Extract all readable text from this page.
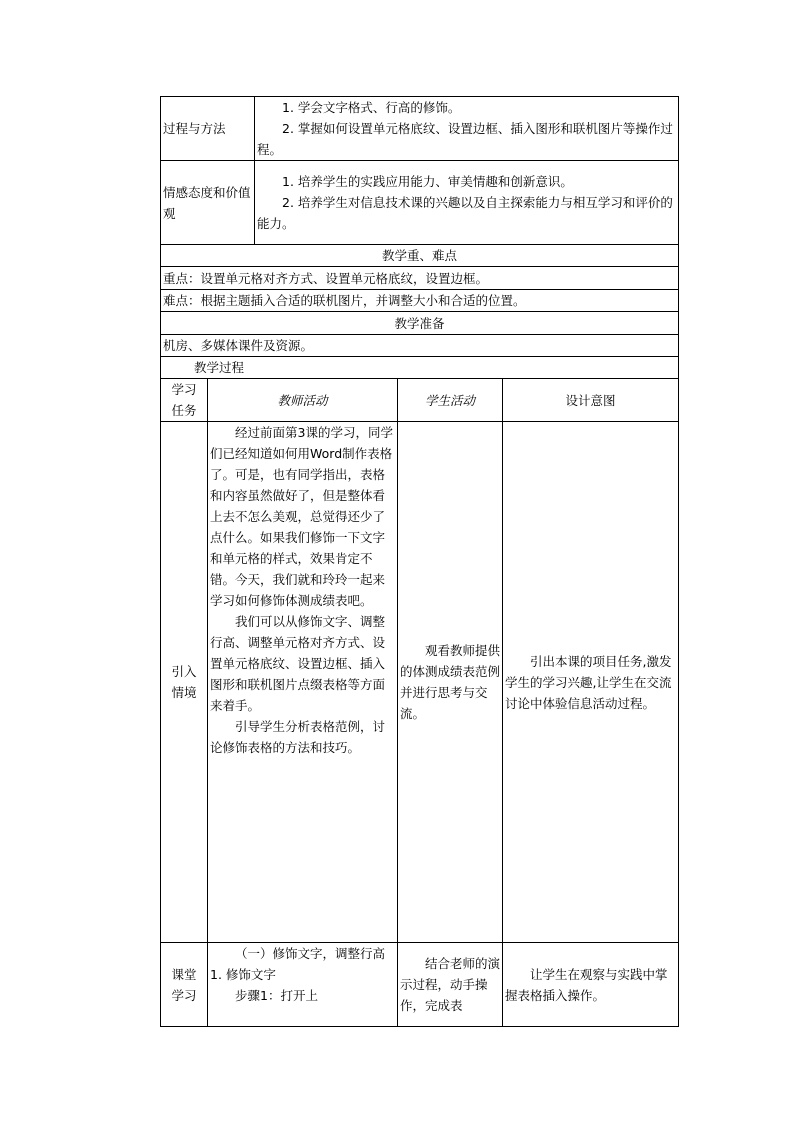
过程与方法		1. 学会文字格式、行高的修饰。

2. 掌握如何设置单元格底纹、设置边框、插入图形和联机图片等操作过程。		

情感态度和价值观		1. 培养学生的实践应用能力、审美情趣和创新意识。

2. 培养学生对信息技术课的兴趣以及自主探索能力与相互学习和评价的能力。		

教学重、难点				
重点：设置单元格对齐方式、设置单元格底纹，设置边框。				
难点：根据主题插入合适的联机图片，并调整大小和合适的位置。				
教学准备				
机房、多媒体课件及资源。				
教学过程				
学习任务	教师活动		学生活动	设计意图
引入情境	经过前面第3课的学习，同学们已经知道如何用Word制作表格了。可是，也有同学指出，表格和内容虽然做好了，但是整体看上去不怎么美观，总觉得还少了点什么。如果我们修饰一下文字和单元格的样式，效果肯定不错。今天，我们就和玲玲一起来学习如何修饰体测成绩表吧。

我们可以从修饰文字、调整行高、调整单元格对齐方式、设置单元格底纹、设置边框、插入图形和联机图片点缀表格等方面来着手。

引导学生分析表格范例，讨论修饰表格的方法和技巧。		观看教师提供的体测成绩表范例并进行思考与交流。	引出本课的项目任务,激发学生的学习兴趣,让学生在交流讨论中体验信息活动过程。

课堂学习	（一）修饰文字，调整行高

1. 修饰文字

步骤1：打开上		结合老师的演示过程，动手操作，完成表	让学生在观察与实践中掌握表格插入操作。
